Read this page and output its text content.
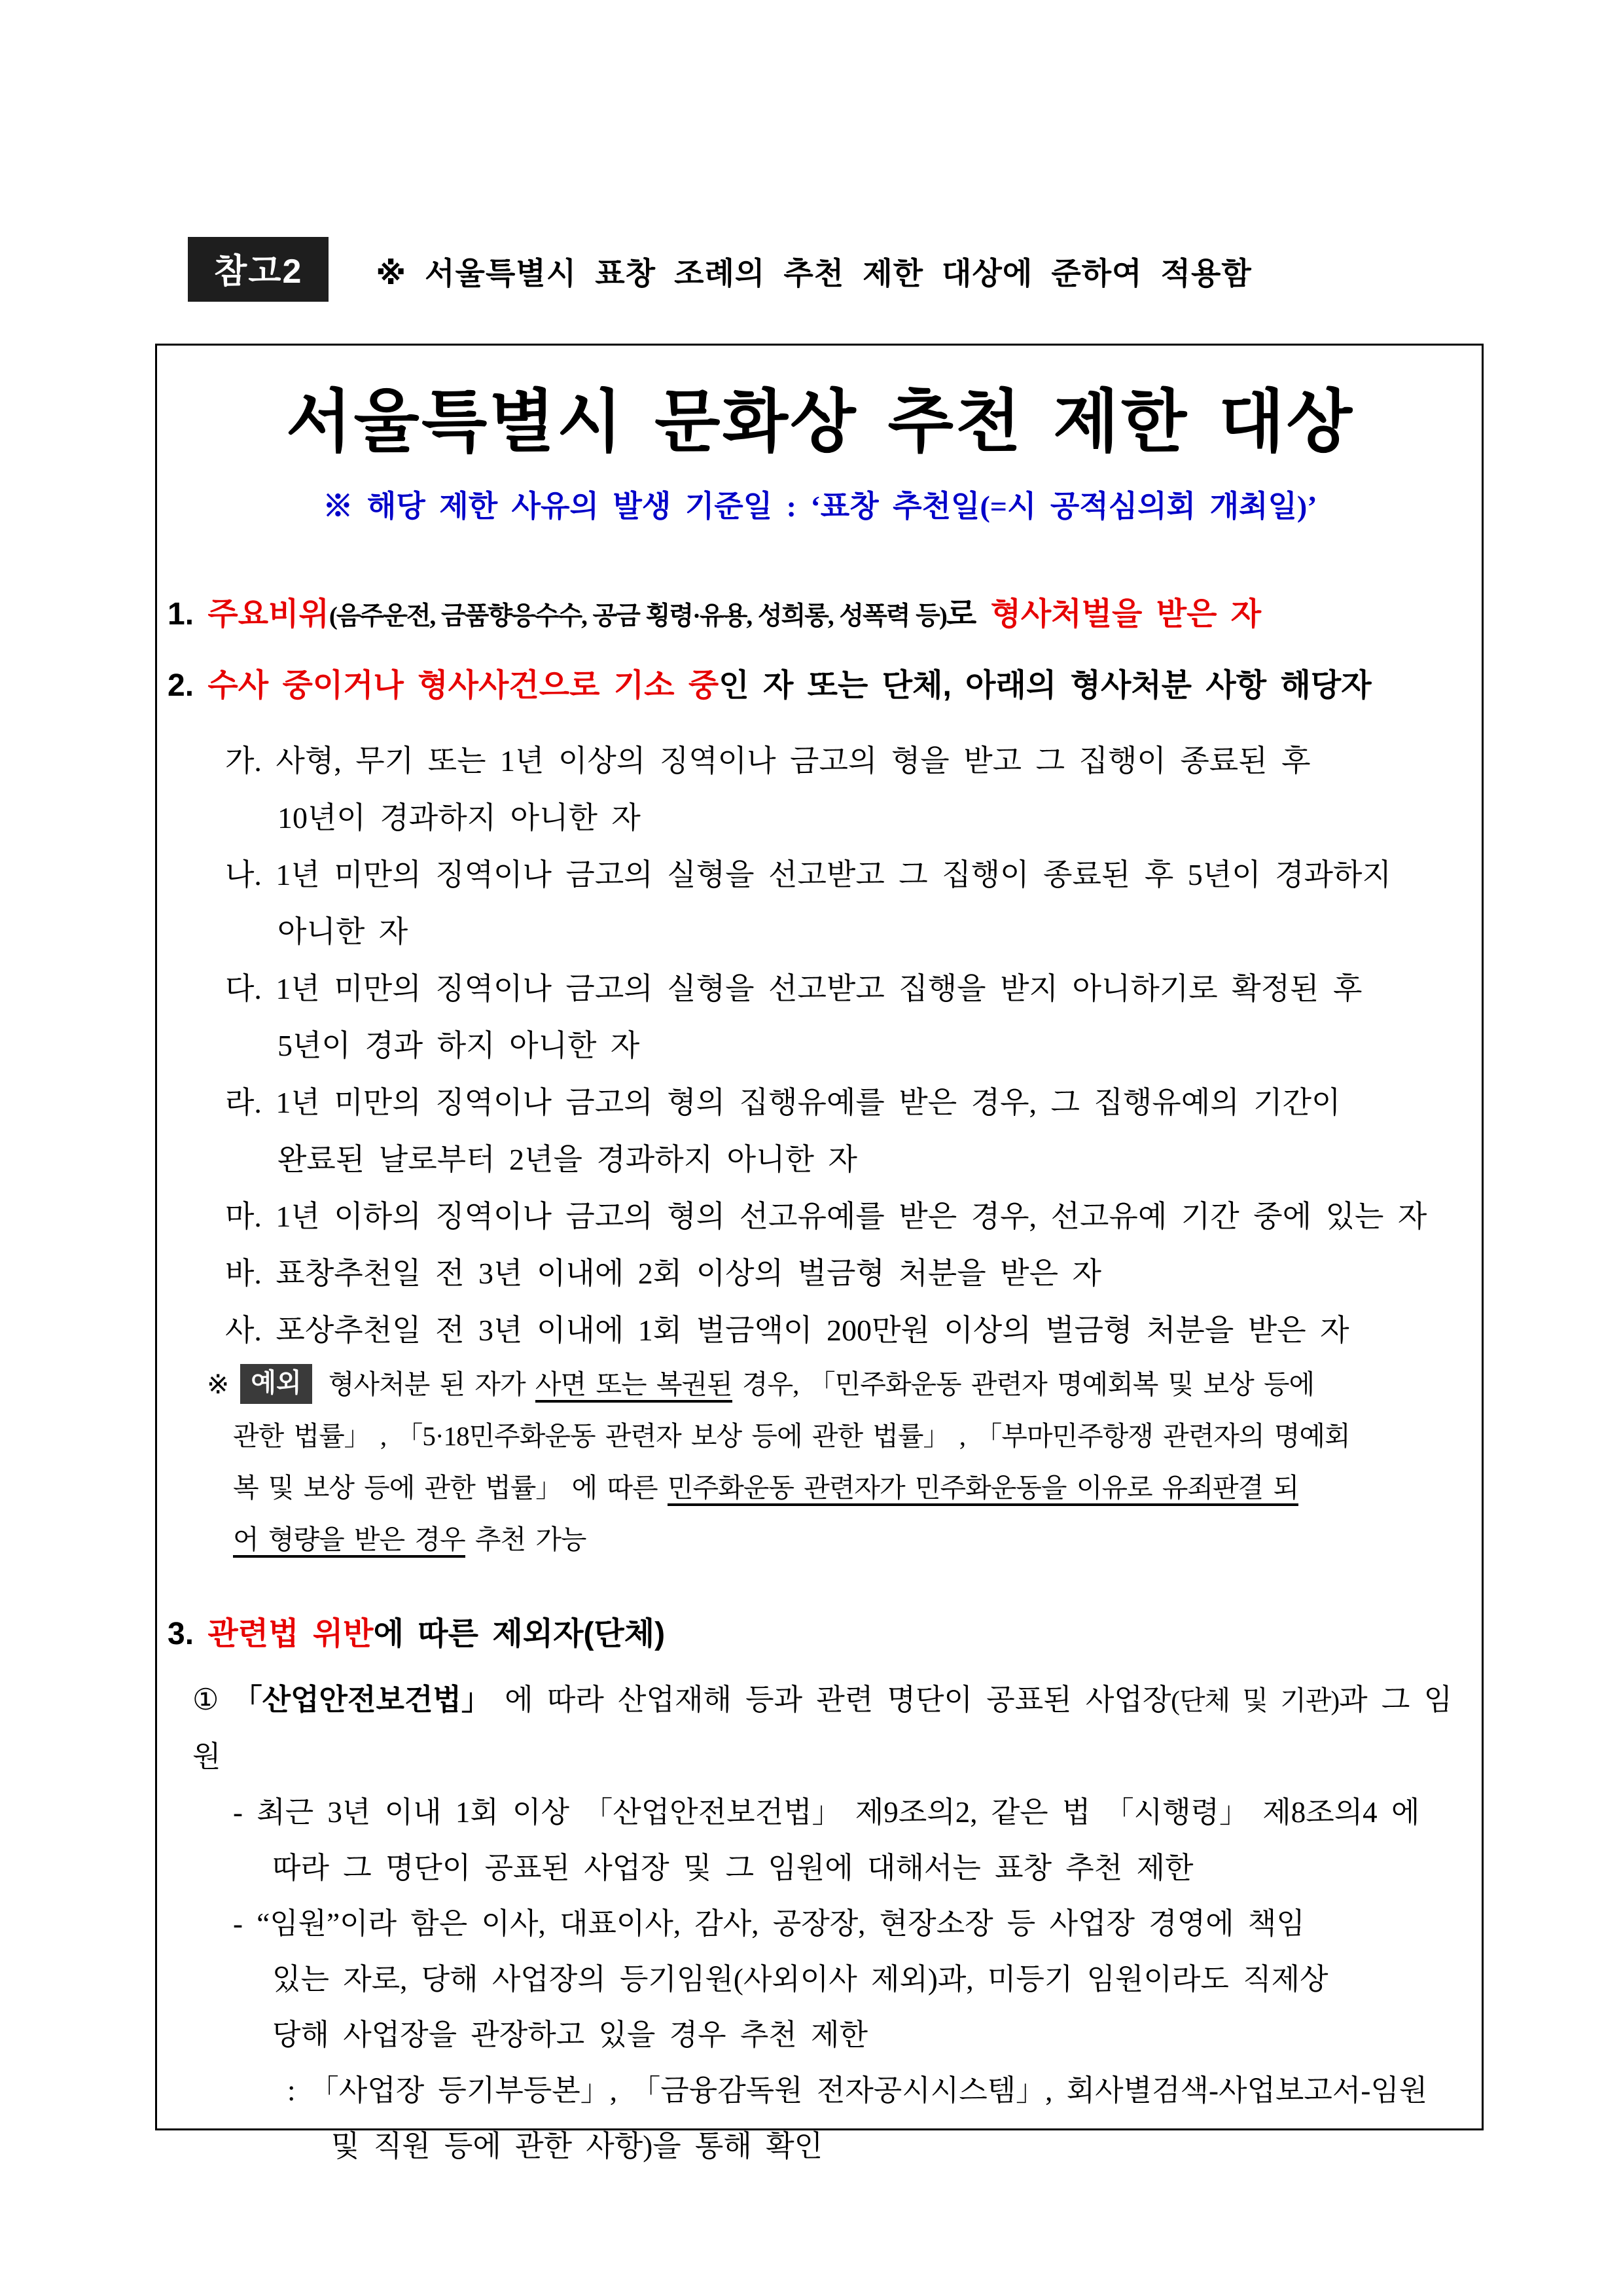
참고2	※ 서울특별시 표창 조례의 추천 제한 대상에 준하여 적용함
서울특별시 문화상 추천 제한 대상

※ 해당 제한 사유의 발생 기준일 : ‘표창 추천일(=시 공적심의회 개최일)’

1. 주요비위(음주운전, 금품향응수수, 공금 횡령·유용, 성희롱, 성폭력 등)로 형사처벌을 받은 자
2. 수사 중이거나 형사사건으로 기소 중인 자 또는 단체, 아래의 형사처분 사항 해당자
가. 사형, 무기 또는 1년 이상의 징역이나 금고의 형을 받고 그 집행이 종료된 후
10년이 경과하지 아니한 자
나. 1년 미만의 징역이나 금고의 실형을 선고받고 그 집행이 종료된 후 5년이 경과하지
아니한 자
다. 1년 미만의 징역이나 금고의 실형을 선고받고 집행을 받지 아니하기로 확정된 후
5년이 경과 하지 아니한 자
라. 1년 미만의 징역이나 금고의 형의 집행유예를 받은 경우, 그 집행유예의 기간이
완료된 날로부터 2년을 경과하지 아니한 자
마. 1년 이하의 징역이나 금고의 형의 선고유예를 받은 경우, 선고유예 기간 중에 있는 자
바. 표창추천일 전 3년 이내에 2회 이상의 벌금형 처분을 받은 자
사. 포상추천일 전 3년 이내에 1회 벌금액이 200만원 이상의 벌금형 처분을 받은 자
※ 예외 형사처분 된 자가 사면 또는 복권된 경우, 「민주화운동 관련자 명예회복 및 보상 등에
관한 법률」 , 「5·18민주화운동 관련자 보상 등에 관한 법률」 , 「부마민주항쟁 관련자의 명예회
복 및 보상 등에 관한 법률」 에 따른 민주화운동 관련자가 민주화운동을 이유로 유죄판결 되
어 형량을 받은 경우 추천 가능
3. 관련법 위반에 따른 제외자(단체)
① 「산업안전보건법」 에 따라 산업재해 등과 관련 명단이 공표된 사업장(단체 및 기관)과 그 임원
- 최근 3년 이내 1회 이상 「산업안전보건법」 제9조의2, 같은 법 「시행령」 제8조의4 에
따라 그 명단이 공표된 사업장 및 그 임원에 대해서는 표창 추천 제한
- “임원”이라 함은 이사, 대표이사, 감사, 공장장, 현장소장 등 사업장 경영에 책임
있는 자로, 당해 사업장의 등기임원(사외이사 제외)과, 미등기 임원이라도 직제상
당해 사업장을 관장하고 있을 경우 추천 제한
: 「사업장 등기부등본」, 「금융감독원 전자공시시스템」, 회사별검색-사업보고서-임원
및 직원 등에 관한 사항)을 통해 확인
